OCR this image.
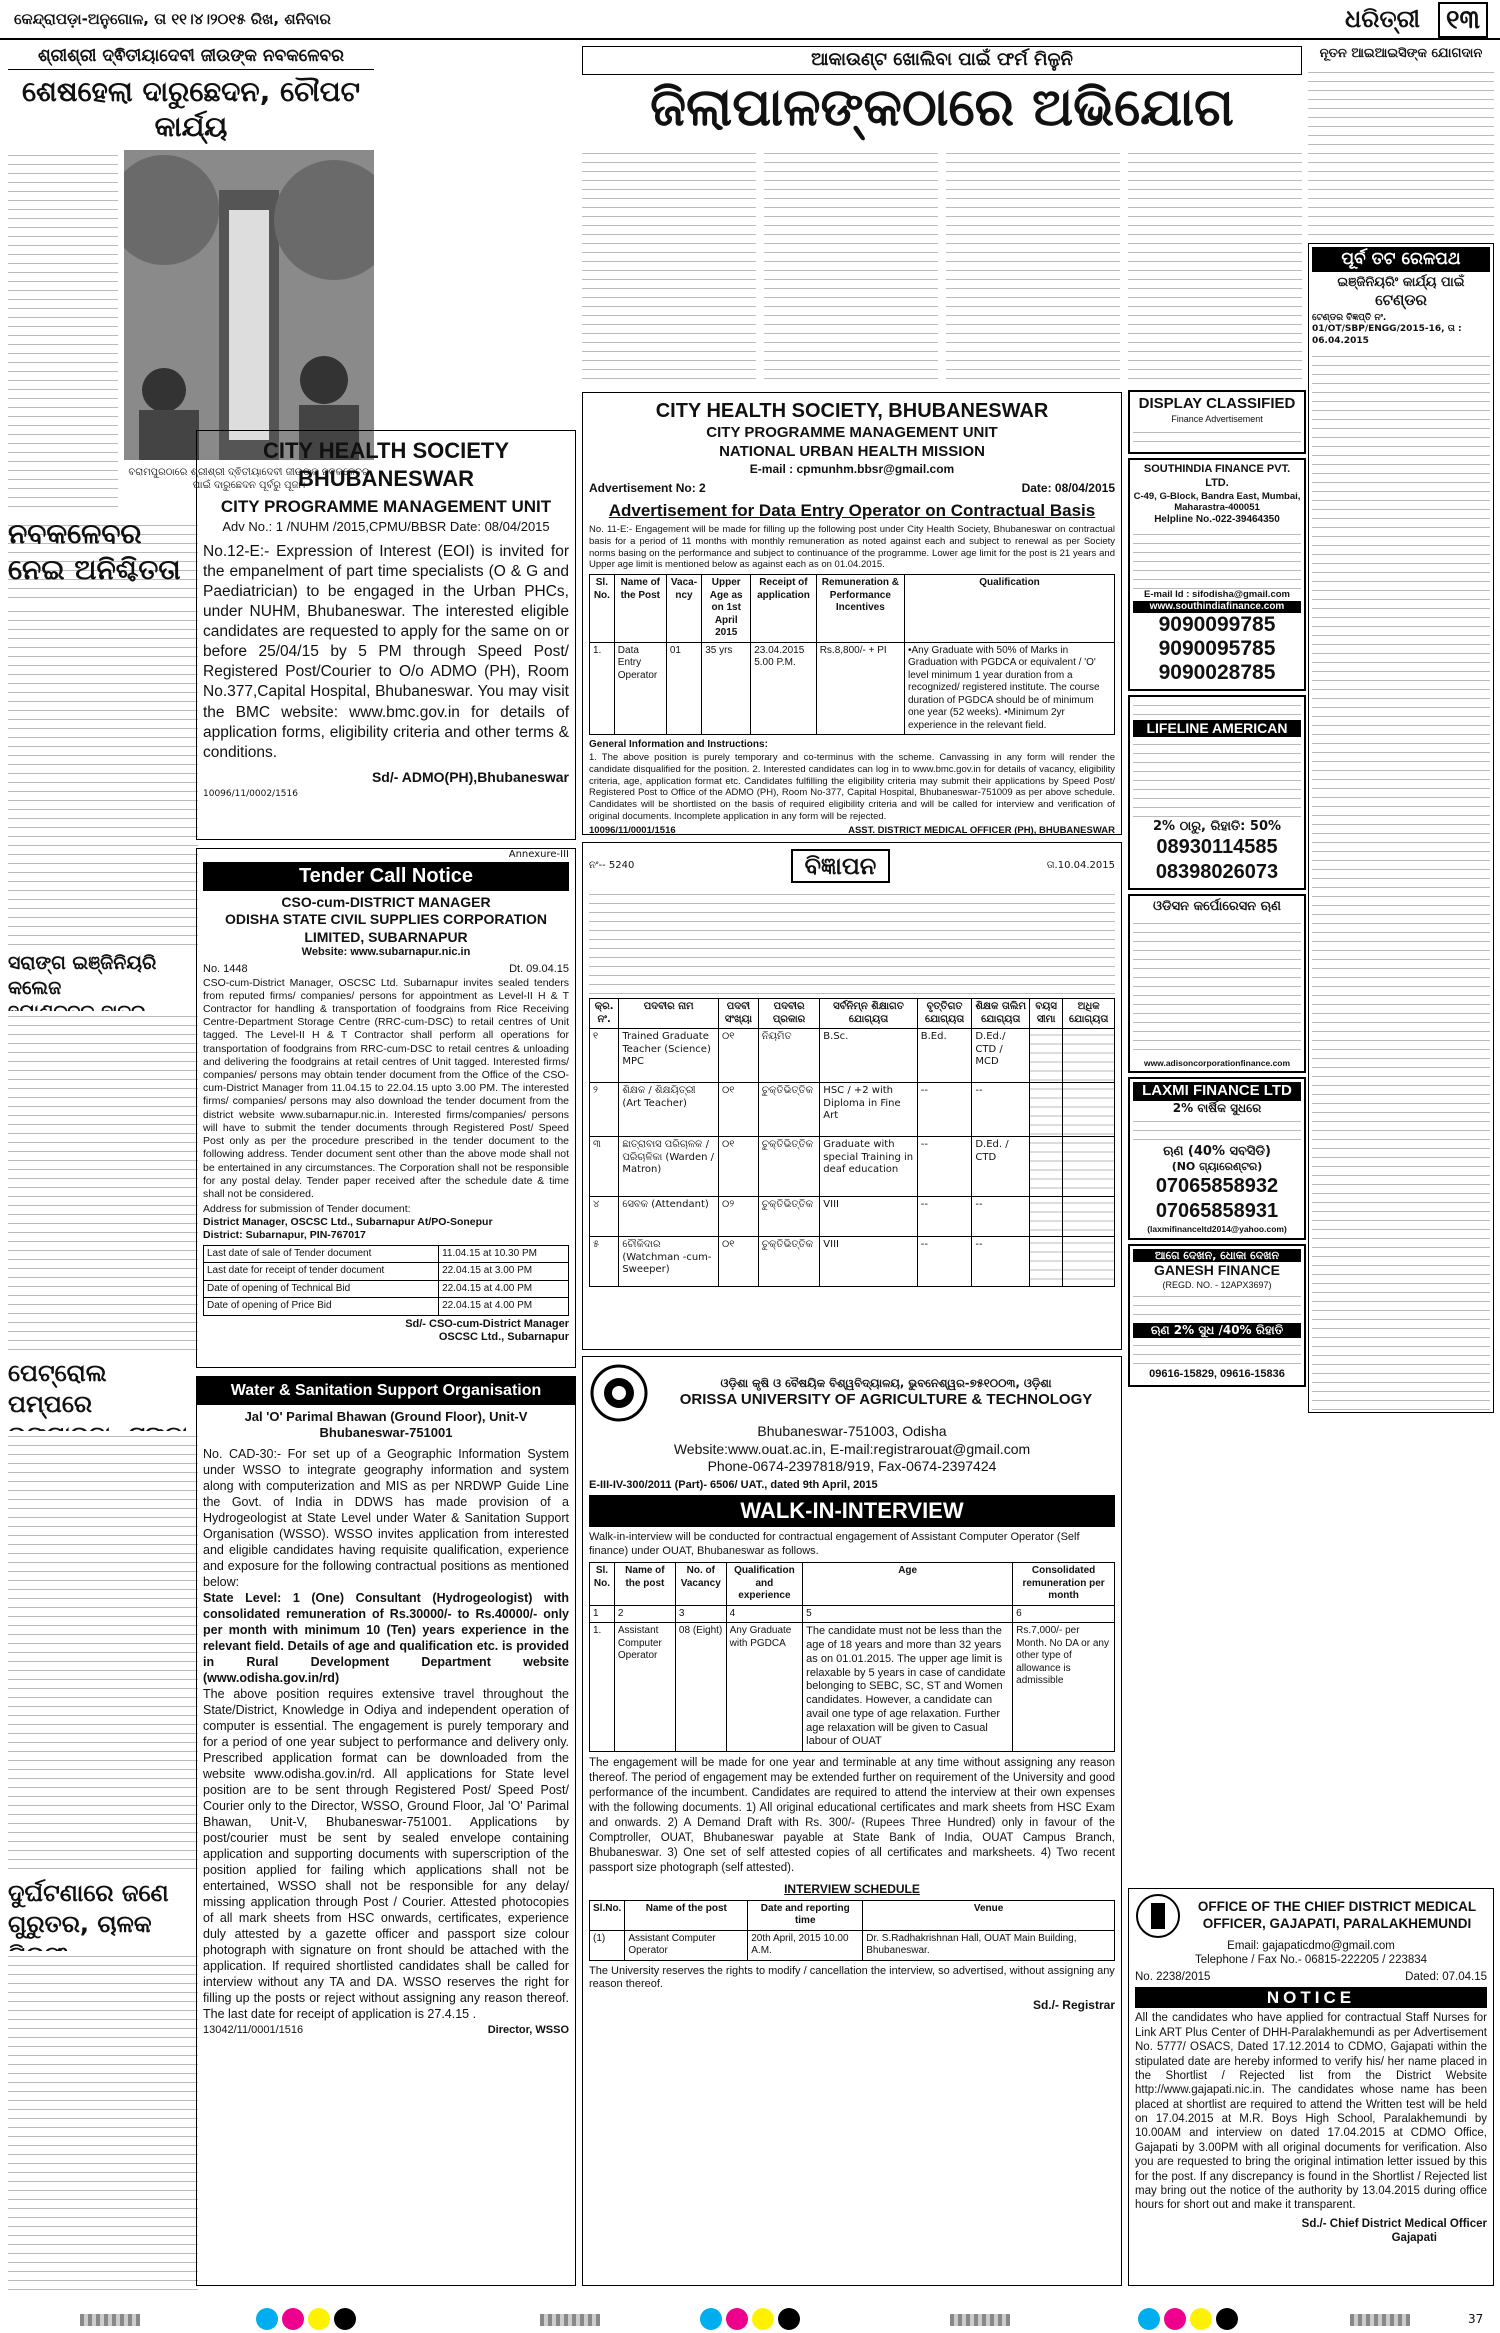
କେନ୍ଦ୍ରାପଡ଼ା-ଅନୁଗୋଳ, ତା ୧୧।୪।୨୦୧୫ ରିଖ, ଶନିବାର	ଧରିତ୍ରୀ	୧୩
ଶ୍ରୀଶ୍ରୀ ଦ୍ଵିତୀୟାଦେବୀ ଜୀଉଙ୍କ ନବକଳେବର
ଶେଷହେଲା ଦାରୁଛେଦନ, ଚୌପଟ କାର୍ଯ୍ୟ
ବରାମପୁରଠାରେ ଶ୍ରୀଶ୍ରୀ ଦ୍ଵିତୀୟାଦେବୀ ଜୀଉଙ୍କ ନବକଳେବର ପାଇଁ ଦାରୁଛେଦନ ପୂର୍ବରୁ ପୂଜା।
ନବକଳେବର
ନେଇ ଅନିଶ୍ଚିତତା
ସରାଙ୍ଗ ଇଞ୍ଜିନିୟରି କଲେଜ
ପେଟ୍ରୋଲ ପମ୍ପରେ
ଦୁର୍ଘଟଣାରେ ଜଣେ
ଗୁରୁତର, ଚାଳକ
CITY HEALTH SOCIETY
BHUBANESWAR
CITY PROGRAMME MANAGEMENT UNIT
Adv No.: 1 /NUHM /2015,CPMU/BBSR Date: 08/04/2015
No.12-E:- Expression of Interest (EOI) is invited for the empanelment of part time specialists (O & G and Paediatrician) to be engaged in the Urban PHCs, under NUHM, Bhubaneswar. The interested eligible candidates are requested to apply for the same on or before 25/04/15 by 5 PM through Speed Post/ Registered Post/Courier to O/o ADMO (PH), Room No.377,Capital Hospital, Bhubaneswar. You may visit the BMC website: www.bmc.gov.in for details of application forms, eligibility criteria and other terms & conditions.
Sd/- ADMO(PH),Bhubaneswar
10096/11/0002/1516
Annexure-III
Tender Call Notice
CSO-cum-DISTRICT MANAGER
ODISHA STATE CIVIL SUPPLIES CORPORATION LIMITED, SUBARNAPUR
Website: www.subarnapur.nic.in
No. 1448	Dt. 09.04.15
CSO-cum-District Manager, OSCSC Ltd. Subarnapur invites sealed tenders from reputed firms/ companies/ persons for appointment as Level-II H & T Contractor for handling & transportation of foodgrains from Rice Receiving Centre-Department Storage Centre (RRC-cum-DSC) to retail centres of Unit tagged. The Level-II H & T Contractor shall perform all operations for transportation of foodgrains from RRC-cum-DSC to retail centres & unloading and delivering the foodgrains at retail centres of Unit tagged. Interested firms/ companies/ persons may obtain tender document from the Office of the CSO-cum-District Manager from 11.04.15 to 22.04.15 upto 3.00 PM. The interested firms/ companies/ persons may also download the tender document from the district website www.subarnapur.nic.in. Interested firms/companies/ persons will have to submit the tender documents through Registered Post/ Speed Post only as per the procedure prescribed in the tender document to the following address. Tender document sent other than the above mode shall not be entertained in any circumstances. The Corporation shall not be responsible for any postal delay. Tender paper received after the schedule date & time shall not be considered.
Address for submission of Tender document:
District Manager, OSCSC Ltd., Subarnapur At/PO-Sonepur
District: Subarnapur, PIN-767017
Last date of sale of Tender document	11.04.15 at 10.30 PM
Last date for receipt of tender document	22.04.15 at 3.00 PM
Date of opening of Technical Bid	22.04.15 at 4.00 PM
Date of opening of Price Bid	22.04.15 at 4.00 PM
Sd/- CSO-cum-District Manager
OSCSC Ltd., Subarnapur
Water & Sanitation Support Organisation
Jal 'O' Parimal Bhawan (Ground Floor), Unit-V
Bhubaneswar-751001
No. CAD-30:- For set up of a Geographic Information System under WSSO to integrate geography information and system along with computerization and MIS as per NRDWP Guide Line the Govt. of India in DDWS has made provision of a Hydrogeologist at State Level under Water & Sanitation Support Organisation (WSSO). WSSO invites application from interested and eligible candidates having requisite qualification, experience and exposure for the following contractual positions as mentioned below:
State Level: 1 (One) Consultant (Hydrogeologist) with consolidated remuneration of Rs.30000/- to Rs.40000/- only per month with minimum 10 (Ten) years experience in the relevant field. Details of age and qualification etc. is provided in Rural Development Department website (www.odisha.gov.in/rd)
The above position requires extensive travel throughout the State/District, Knowledge in Odiya and independent operation of computer is essential. The engagement is purely temporary and for a period of one year subject to performance and delivery only. Prescribed application format can be downloaded from the website www.odisha.gov.in/rd. All applications for State level position are to be sent through Registered Post/ Speed Post/ Courier only to the Director, WSSO, Ground Floor, Jal 'O' Parimal Bhawan, Unit-V, Bhubaneswar-751001. Applications by post/courier must be sent by sealed envelope containing application and supporting documents with superscription of the position applied for failing which applications shall not be entertained, WSSO shall not be responsible for any delay/ missing application through Post / Courier. Attested photocopies of all mark sheets from HSC onwards, certificates, experience duly attested by a gazette officer and passport size colour photograph with signature on front should be attached with the application. If required shortlisted candidates shall be called for interview without any TA and DA. WSSO reserves the right for filling up the posts or reject without assigning any reason thereof. The last date for receipt of application is 27.4.15 .
13042/11/0001/1516	Director, WSSO
ଆକାଉଣ୍ଟ ଖୋଲିବା ପାଇଁ ଫର୍ମ ମିଳୁନି
ଜିଲାପାଳଙ୍କଠାରେ ଅଭିଯୋଗ
CITY HEALTH SOCIETY, BHUBANESWAR
CITY PROGRAMME MANAGEMENT UNIT
NATIONAL URBAN HEALTH MISSION
E-mail : cpmunhm.bbsr@gmail.com
Advertisement No: 2	Date: 08/04/2015
Advertisement for Data Entry Operator on Contractual Basis
No. 11-E:- Engagement will be made for filling up the following post under City Health Society, Bhubaneswar on contractual basis for a period of 11 months with monthly remuneration as noted against each and subject to renewal as per Society norms basing on the performance and subject to continuance of the programme. Lower age limit for the post is 21 years and Upper age limit is mentioned below as against each as on 01.04.2015.
Sl. No.	Name of the Post	Vaca- ncy	Upper Age as on 1st April 2015	Receipt of application	Remuneration & Performance Incentives	Qualification
1.	Data Entry Operator	01	35 yrs	23.04.2015 5.00 P.M.	Rs.8,800/- + PI	•Any Graduate with 50% of Marks in Graduation with PGDCA or equivalent / 'O' level minimum 1 year duration from a recognized/ registered institute. The course duration of PGDCA should be of minimum one year (52 weeks). •Minimum 2yr experience in the relevant field.
General Information and Instructions:
1. The above position is purely temporary and co-terminus with the scheme. Canvassing in any form will render the candidate disqualified for the position. 2. Interested candidates can log in to www.bmc.gov.in for details of vacancy, eligibility criteria, age, application format etc. Candidates fulfilling the eligibility criteria may submit their applications by Speed Post/ Registered Post to Office of the ADMO (PH), Room No-377, Capital Hospital, Bhubaneswar-751009 as per above schedule. Candidates will be shortlisted on the basis of required eligibility criteria and will be called for interview and verification of original documents. Incomplete application in any form will be rejected.
10096/11/0001/1516	ASST. DISTRICT MEDICAL OFFICER (PH), BHUBANESWAR
ନଂ-- 5240	ବିଜ୍ଞାପନ	ତା.10.04.2015
କ୍ର. ନଂ.	ପଦବୀର ନାମ	ପଦବୀ ସଂଖ୍ୟା	ପଦବୀର ପ୍ରକାର	ସର୍ବନିମ୍ନ ଶିକ୍ଷାଗତ ଯୋଗ୍ୟତା	ବୃତ୍ତିଗତ ଯୋଗ୍ୟତା	ଶିକ୍ଷକ ତାଲିମ ଯୋଗ୍ୟତା	ବୟସ ସୀମା	ଅଧିକ ଯୋଗ୍ୟତା
୧	Trained Graduate Teacher (Science) MPC	୦୧	ନିୟମିତ	B.Sc.	B.Ed.	D.Ed./ CTD / MCD		
୨	ଶିକ୍ଷକ / ଶିକ୍ଷୟିତ୍ରୀ (Art Teacher)	୦୧	ଚୁକ୍ତିଭିତ୍ତିକ	HSC / +2 with Diploma in Fine Art	--	--		
୩	ଛାତ୍ରାବାସ ପରିଚାଳକ / ପରିଚାଳିକା (Warden / Matron)	୦୧	ଚୁକ୍ତିଭିତ୍ତିକ	Graduate with special Training in deaf education	--	D.Ed. / CTD		
୪	ସେବକ (Attendant)	୦୨	ଚୁକ୍ତିଭିତ୍ତିକ	VIII	--	--		
୫	ଚୌକିଦାର (Watchman -cum- Sweeper)	୦୧	ଚୁକ୍ତିଭିତ୍ତିକ	VIII	--	--		
ଓଡ଼ିଶା କୃଷି ଓ ବୈଷୟିକ ବିଶ୍ୱବିଦ୍ୟାଳୟ, ଭୁବନେଶ୍ୱର-୭୫୧୦୦୩, ଓଡ଼ିଶା
ORISSA UNIVERSITY OF AGRICULTURE & TECHNOLOGY
Bhubaneswar-751003, Odisha
Website:www.ouat.ac.in, E-mail:registrarouat@gmail.com
Phone-0674-2397818/919, Fax-0674-2397424
E-III-IV-300/2011 (Part)- 6506/ UAT., dated 9th April, 2015
WALK-IN-INTERVIEW
Walk-in-interview will be conducted for contractual engagement of Assistant Computer Operator (Self finance) under OUAT, Bhubaneswar as follows.
Sl. No.	Name of the post	No. of Vacancy	Qualification and experience	Age	Consolidated remuneration per month
1	2	3	4	5	6
1.	Assistant Computer Operator	08 (Eight)	Any Graduate with PGDCA	The candidate must not be less than the age of 18 years and more than 32 years as on 01.01.2015. The upper age limit is relaxable by 5 years in case of candidate belonging to SEBC, SC, ST and Women candidates. However, a candidate can avail one type of age relaxation. Further age relaxation will be given to Casual labour of OUAT	Rs.7,000/- per Month. No DA or any other type of allowance is admissible
The engagement will be made for one year and terminable at any time without assigning any reason thereof. The period of engagement may be extended further on requirement of the University and good performance of the incumbent. Candidates are required to attend the interview at their own expenses with the following documents. 1) All original educational certificates and mark sheets from HSC Exam and onwards. 2) A Demand Draft with Rs. 300/- (Rupees Three Hundred) only in favour of the Comptroller, OUAT, Bhubaneswar payable at State Bank of India, OUAT Campus Branch, Bhubaneswar. 3) One set of self attested copies of all certificates and marksheets. 4) Two recent passport size photograph (self attested).
INTERVIEW SCHEDULE
Sl.No.	Name of the post	Date and reporting time	Venue
(1)	Assistant Computer Operator	20th April, 2015 10.00 A.M.	Dr. S.Radhakrishnan Hall, OUAT Main Building, Bhubaneswar.
The University reserves the rights to modify / cancellation the interview, so advertised, without assigning any reason thereof.
Sd./- Registrar
DISPLAY CLASSIFIED
Finance Advertisement
SOUTHINDIA FINANCE PVT. LTD.
C-49, G-Block, Bandra East, Mumbai, Maharastra-400051
Helpline No.-022-39464350
E-mail Id : sifodisha@gmail.com
www.southindiafinance.com
9090099785
9090095785
9090028785
LIFELINE AMERICAN
2% ଠାରୁ, ରିହାତି: 50%
08930114585
08398026073
ଓଡିସନ କର୍ପୋରେସନ ଋଣ
www.adisoncorporationfinance.com
LAXMI FINANCE LTD
2% ବାର୍ଷିକ ସୁଧରେ
ଋଣ (40% ସବସିଡି)
(NO ଗ୍ୟାରେଣ୍ଟର)
07065858932
07065858931
(laxmifinanceltd2014@yahoo.com)
ଆଗେ ଦେଖନ, ଧୋକା ଦେଖନ
GANESH FINANCE
(REGD. NO. - 12APX3697)
ଋଣ 2% ସୁଧ /40% ରିହାତି
09616-15829, 09616-15836
ନୂତନ ଆଇଆଇସିଙ୍କ ଯୋଗଦାନ
ପୂର୍ବ ତଟ ରେଳପଥ
ଇଞ୍ଜିନିୟରିଂ କାର୍ଯ୍ୟ ପାଇଁ
ଟେଣ୍ଡର
ଟେଣ୍ଡର ବିଜ୍ଞପ୍ତି ନଂ. 01/OT/SBP/ENGG/2015-16, ତା : 06.04.2015
OFFICE OF THE CHIEF DISTRICT MEDICAL OFFICER, GAJAPATI, PARALAKHEMUNDI
Email: gajapaticdmo@gmail.com
Telephone / Fax No.- 06815-222205 / 223834
No. 2238/2015	Dated: 07.04.15
NOTICE
All the candidates who have applied for contractual Staff Nurses for Link ART Plus Center of DHH-Paralakhemundi as per Advertisement No. 5777/ OSACS, Dated 17.12.2014 to CDMO, Gajapati within the stipulated date are hereby informed to verify his/ her name placed in the Shortlist / Rejected list from the District Website http://www.gajapati.nic.in. The candidates whose name has been placed at shortlist are required to attend the Written test will be held on 17.04.2015 at M.R. Boys High School, Paralakhemundi by 10.00AM and interview on dated 17.04.2015 at CDMO Office, Gajapati by 3.00PM with all original documents for verification. Also you are requested to bring the original intimation letter issued by this for the post. If any discrepancy is found in the Shortlist / Rejected list may bring out the notice of the authority by 13.04.2015 during office hours for short out and make it transparent.
Sd./- Chief District Medical Officer
Gajapati
37
